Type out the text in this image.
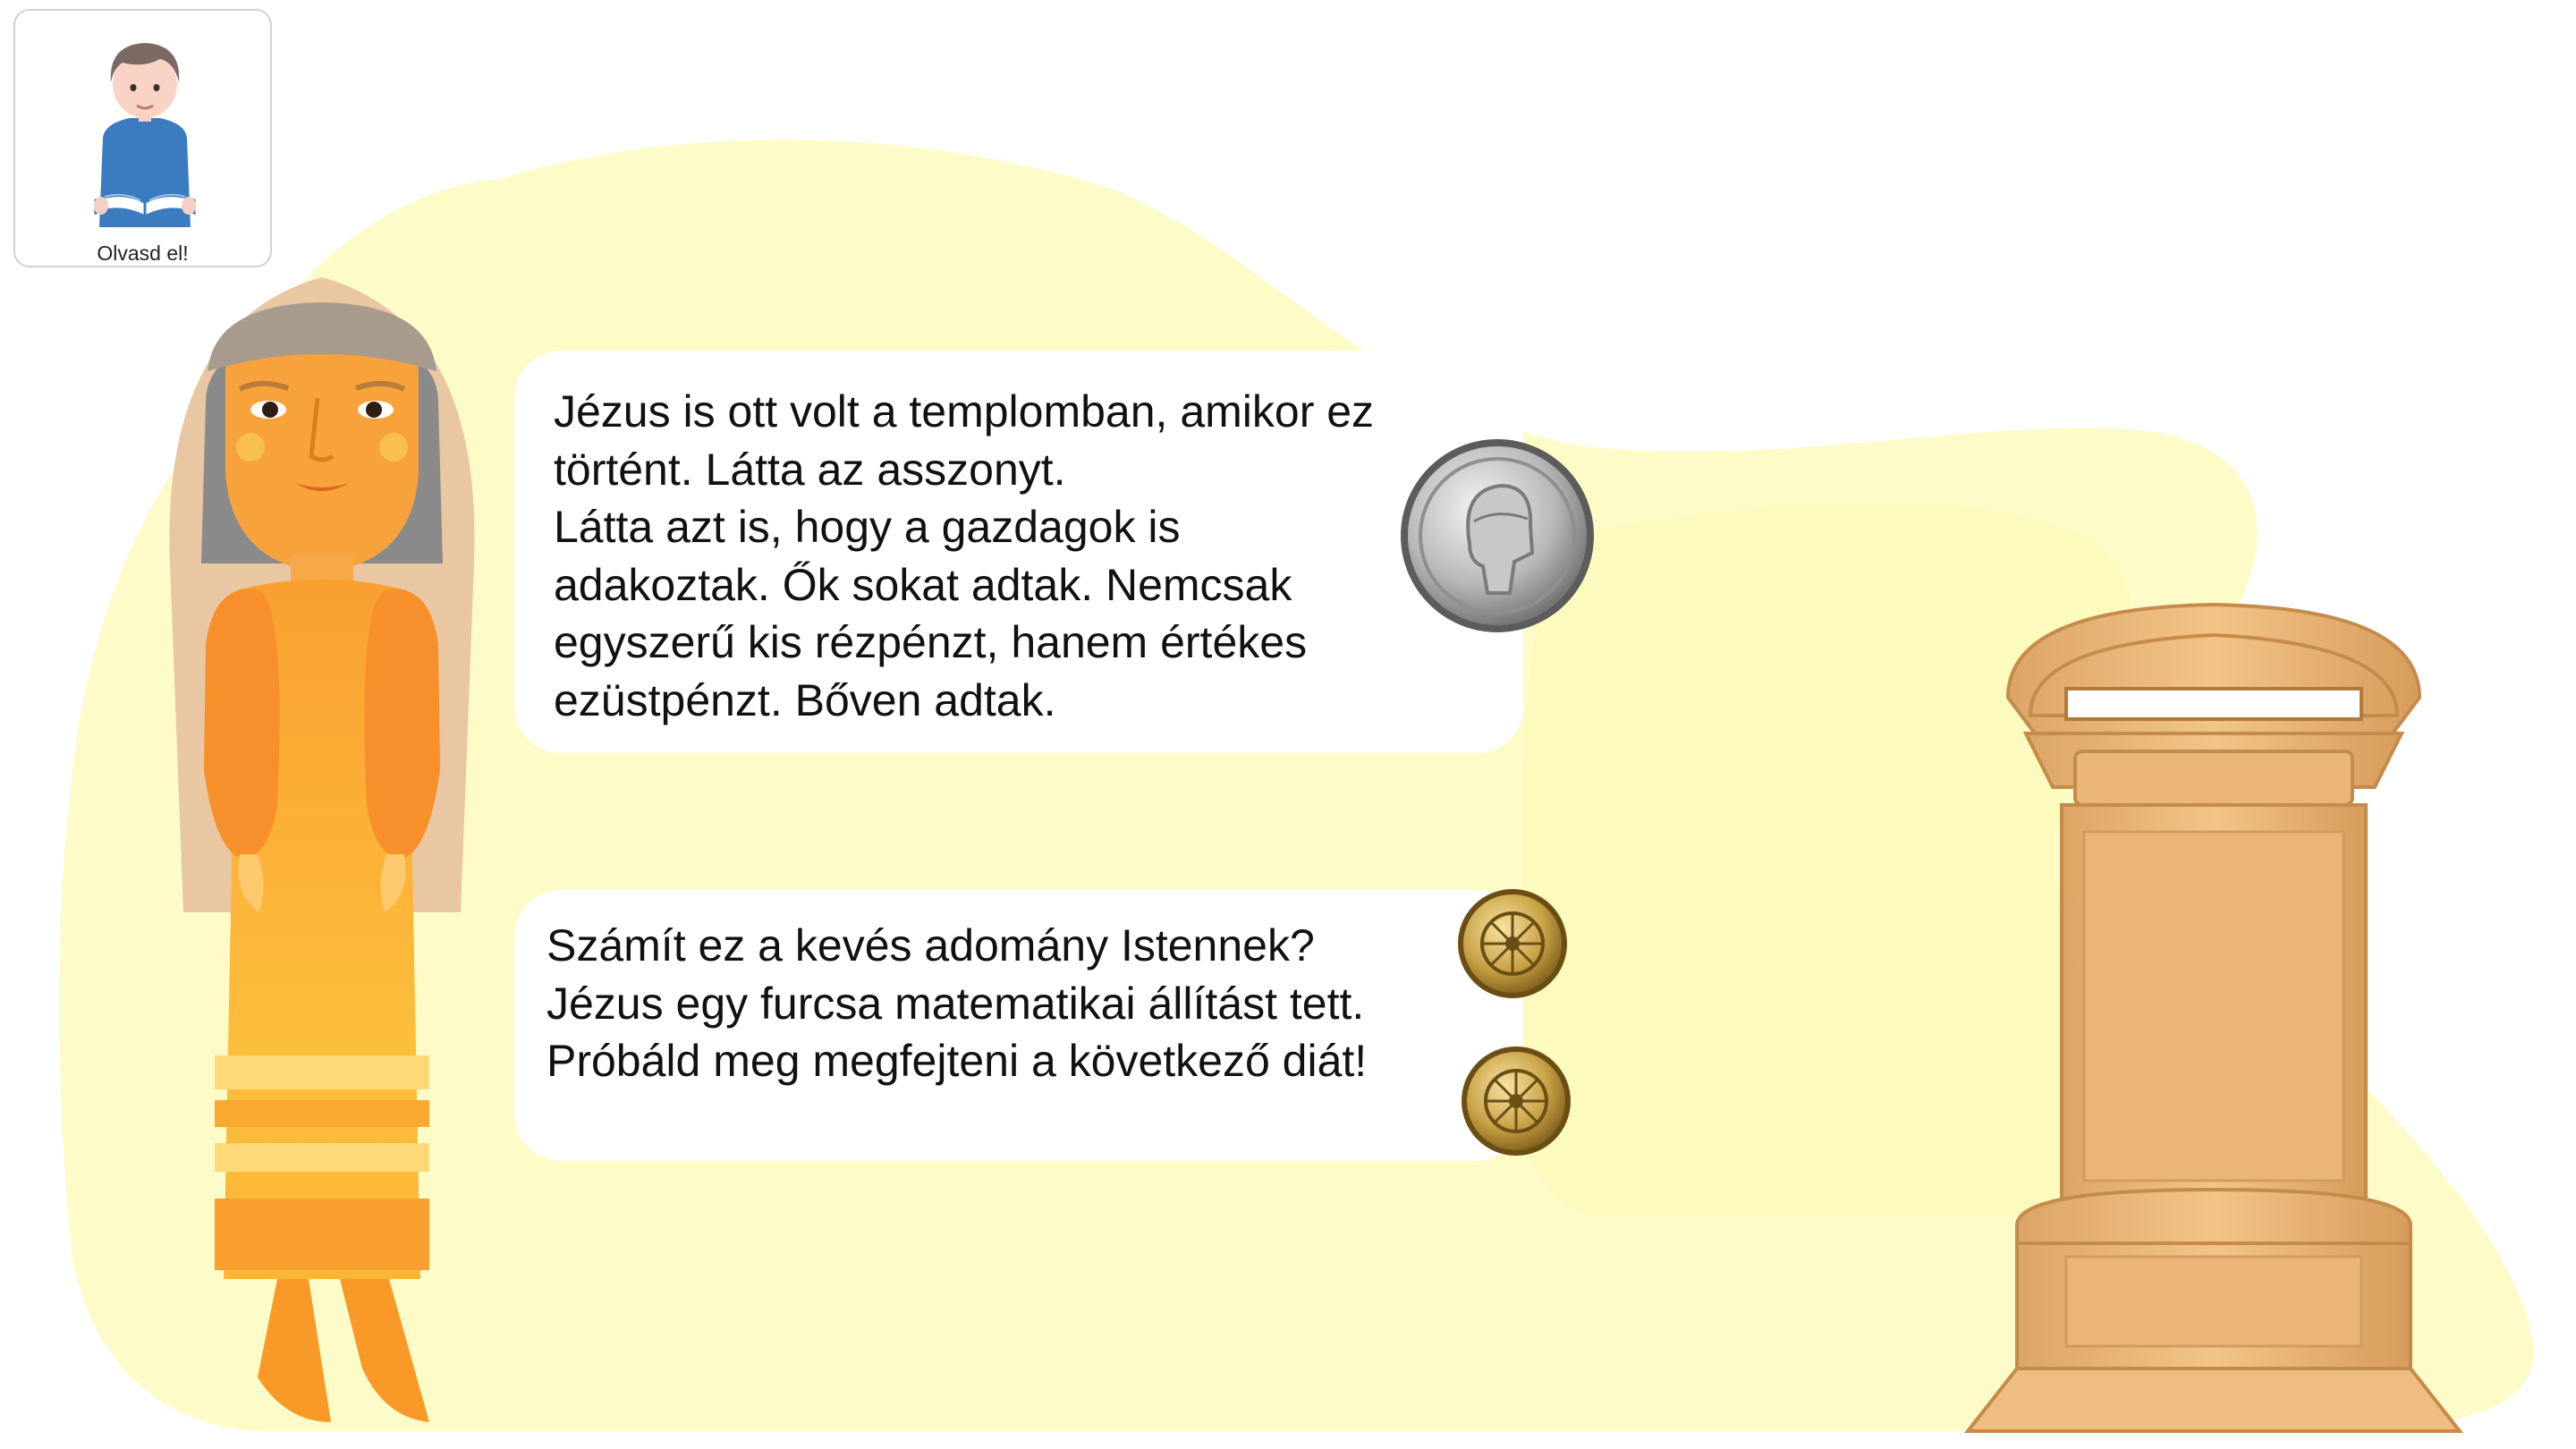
Olvasd el!

Jézus is ott volt a templomban, amikor ez
történt. Látta az asszonyt.
Látta azt is, hogy a gazdagok is
adakoztak. Ők sokat adtak. Nemcsak
egyszerű kis rézpénzt, hanem értékes
ezüstpénzt. Bőven adtak.

Számít ez a kevés adomány Istennek?
Jézus egy furcsa matematikai állítást tett.
Próbáld meg megfejteni a következő diát!
